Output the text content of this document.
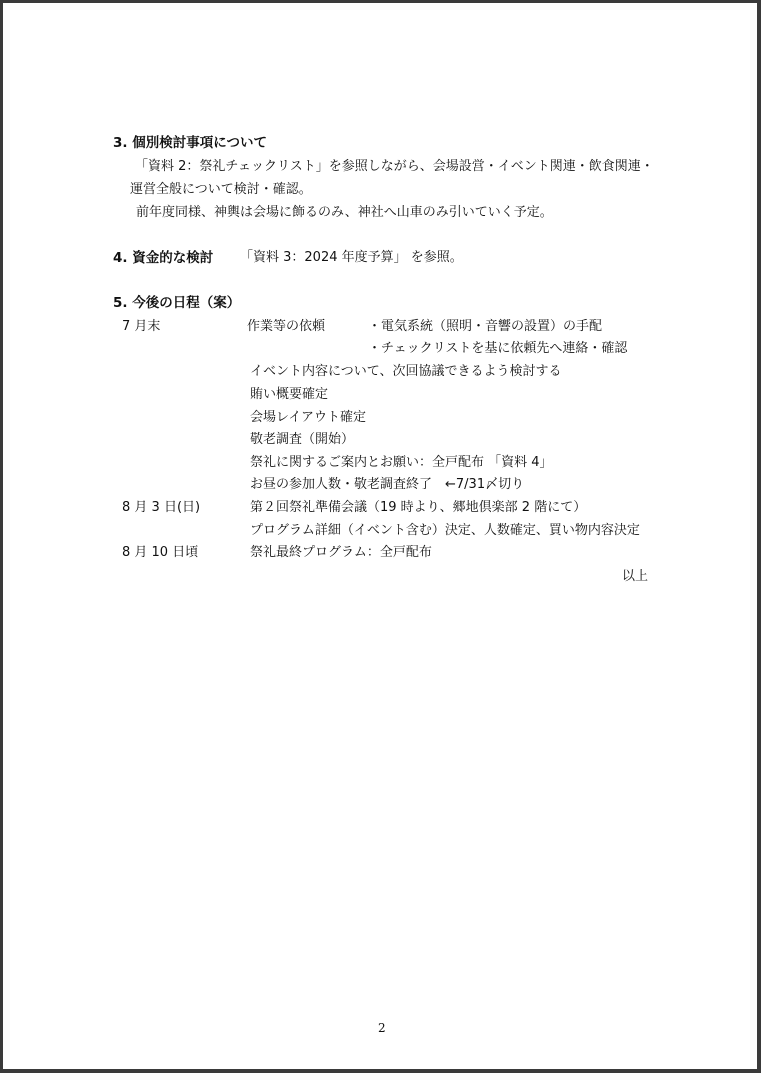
3. 個別検討事項について
「資料 2：祭礼チェックリスト」を参照しながら、会場設営・イベント関連・飲食関連・
運営全般について検討・確認。
前年度同様、神輿は会場に飾るのみ、神社へ山車のみ引いていく予定。
4. 資金的な検討 「資料 3：2024 年度予算」 を参照。
5. 今後の日程（案）
7 月末	作業等の依頼	・電気系統（照明・音響の設置）の手配
・チェックリストを基に依頼先へ連絡・確認
イベント内容について、次回協議できるよう検討する
賄い概要確定
会場レイアウト確定
敬老調査（開始）
祭礼に関するご案内とお願い：全戸配布 「資料 4」
お昼の参加人数・敬老調査終了　←7/31〆切り
8 月 3 日(日)	第２回祭礼準備会議（19 時より、郷地倶楽部 2 階にて）
プログラム詳細（イベント含む）決定、人数確定、買い物内容決定
8 月 10 日頃	祭礼最終プログラム：全戸配布
以上
2
